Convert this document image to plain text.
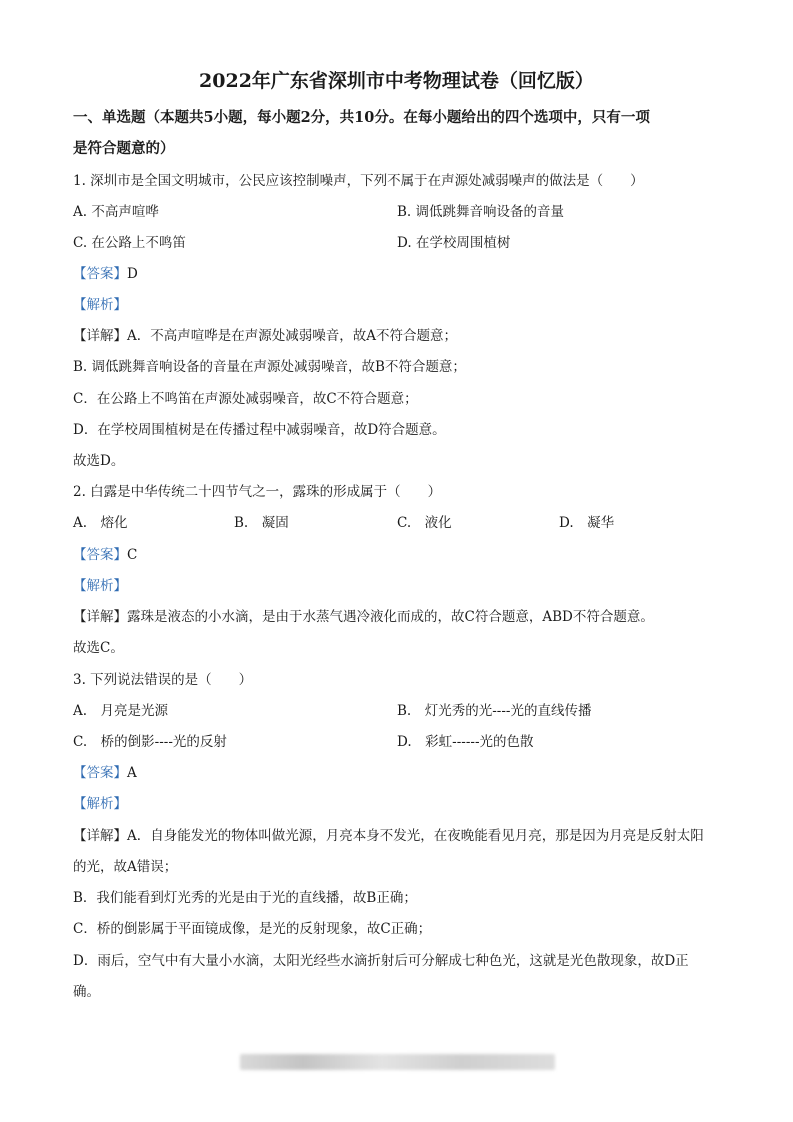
2022年广东省深圳市中考物理试卷（回忆版）
一、单选题（本题共5小题，每小题2分，共10分。在每小题给出的四个选项中，只有一项
是符合题意的）
1. 深圳市是全国文明城市，公民应该控制噪声，下列不属于在声源处减弱噪声的做法是（　　）
A. 不高声喧哗	B. 调低跳舞音响设备的音量
C. 在公路上不鸣笛	D. 在学校周围植树
【答案】D
【解析】
【详解】A．不高声喧哗是在声源处减弱噪音，故A不符合题意；
B. 调低跳舞音响设备的音量在声源处减弱噪音，故B不符合题意；
C．在公路上不鸣笛在声源处减弱噪音，故C不符合题意；
D．在学校周围植树是在传播过程中减弱噪音，故D符合题意。
故选D。
2. 白露是中华传统二十四节气之一，露珠的形成属于（　　）
A.　熔化	B.　凝固	C.　液化	D.　凝华
【答案】C
【解析】
【详解】露珠是液态的小水滴，是由于水蒸气遇冷液化而成的，故C符合题意，ABD不符合题意。
故选C。
3. 下列说法错误的是（　　）
A.　月亮是光源	B.　灯光秀的光----光的直线传播
C.　桥的倒影----光的反射	D.　彩虹------光的色散
【答案】A
【解析】
【详解】A．自身能发光的物体叫做光源，月亮本身不发光，在夜晚能看见月亮，那是因为月亮是反射太阳
的光，故A错误；
B．我们能看到灯光秀的光是由于光的直线播，故B正确；
C．桥的倒影属于平面镜成像，是光的反射现象，故C正确；
D．雨后，空气中有大量小水滴，太阳光经些水滴折射后可分解成七种色光，这就是光色散现象，故D正
确。
